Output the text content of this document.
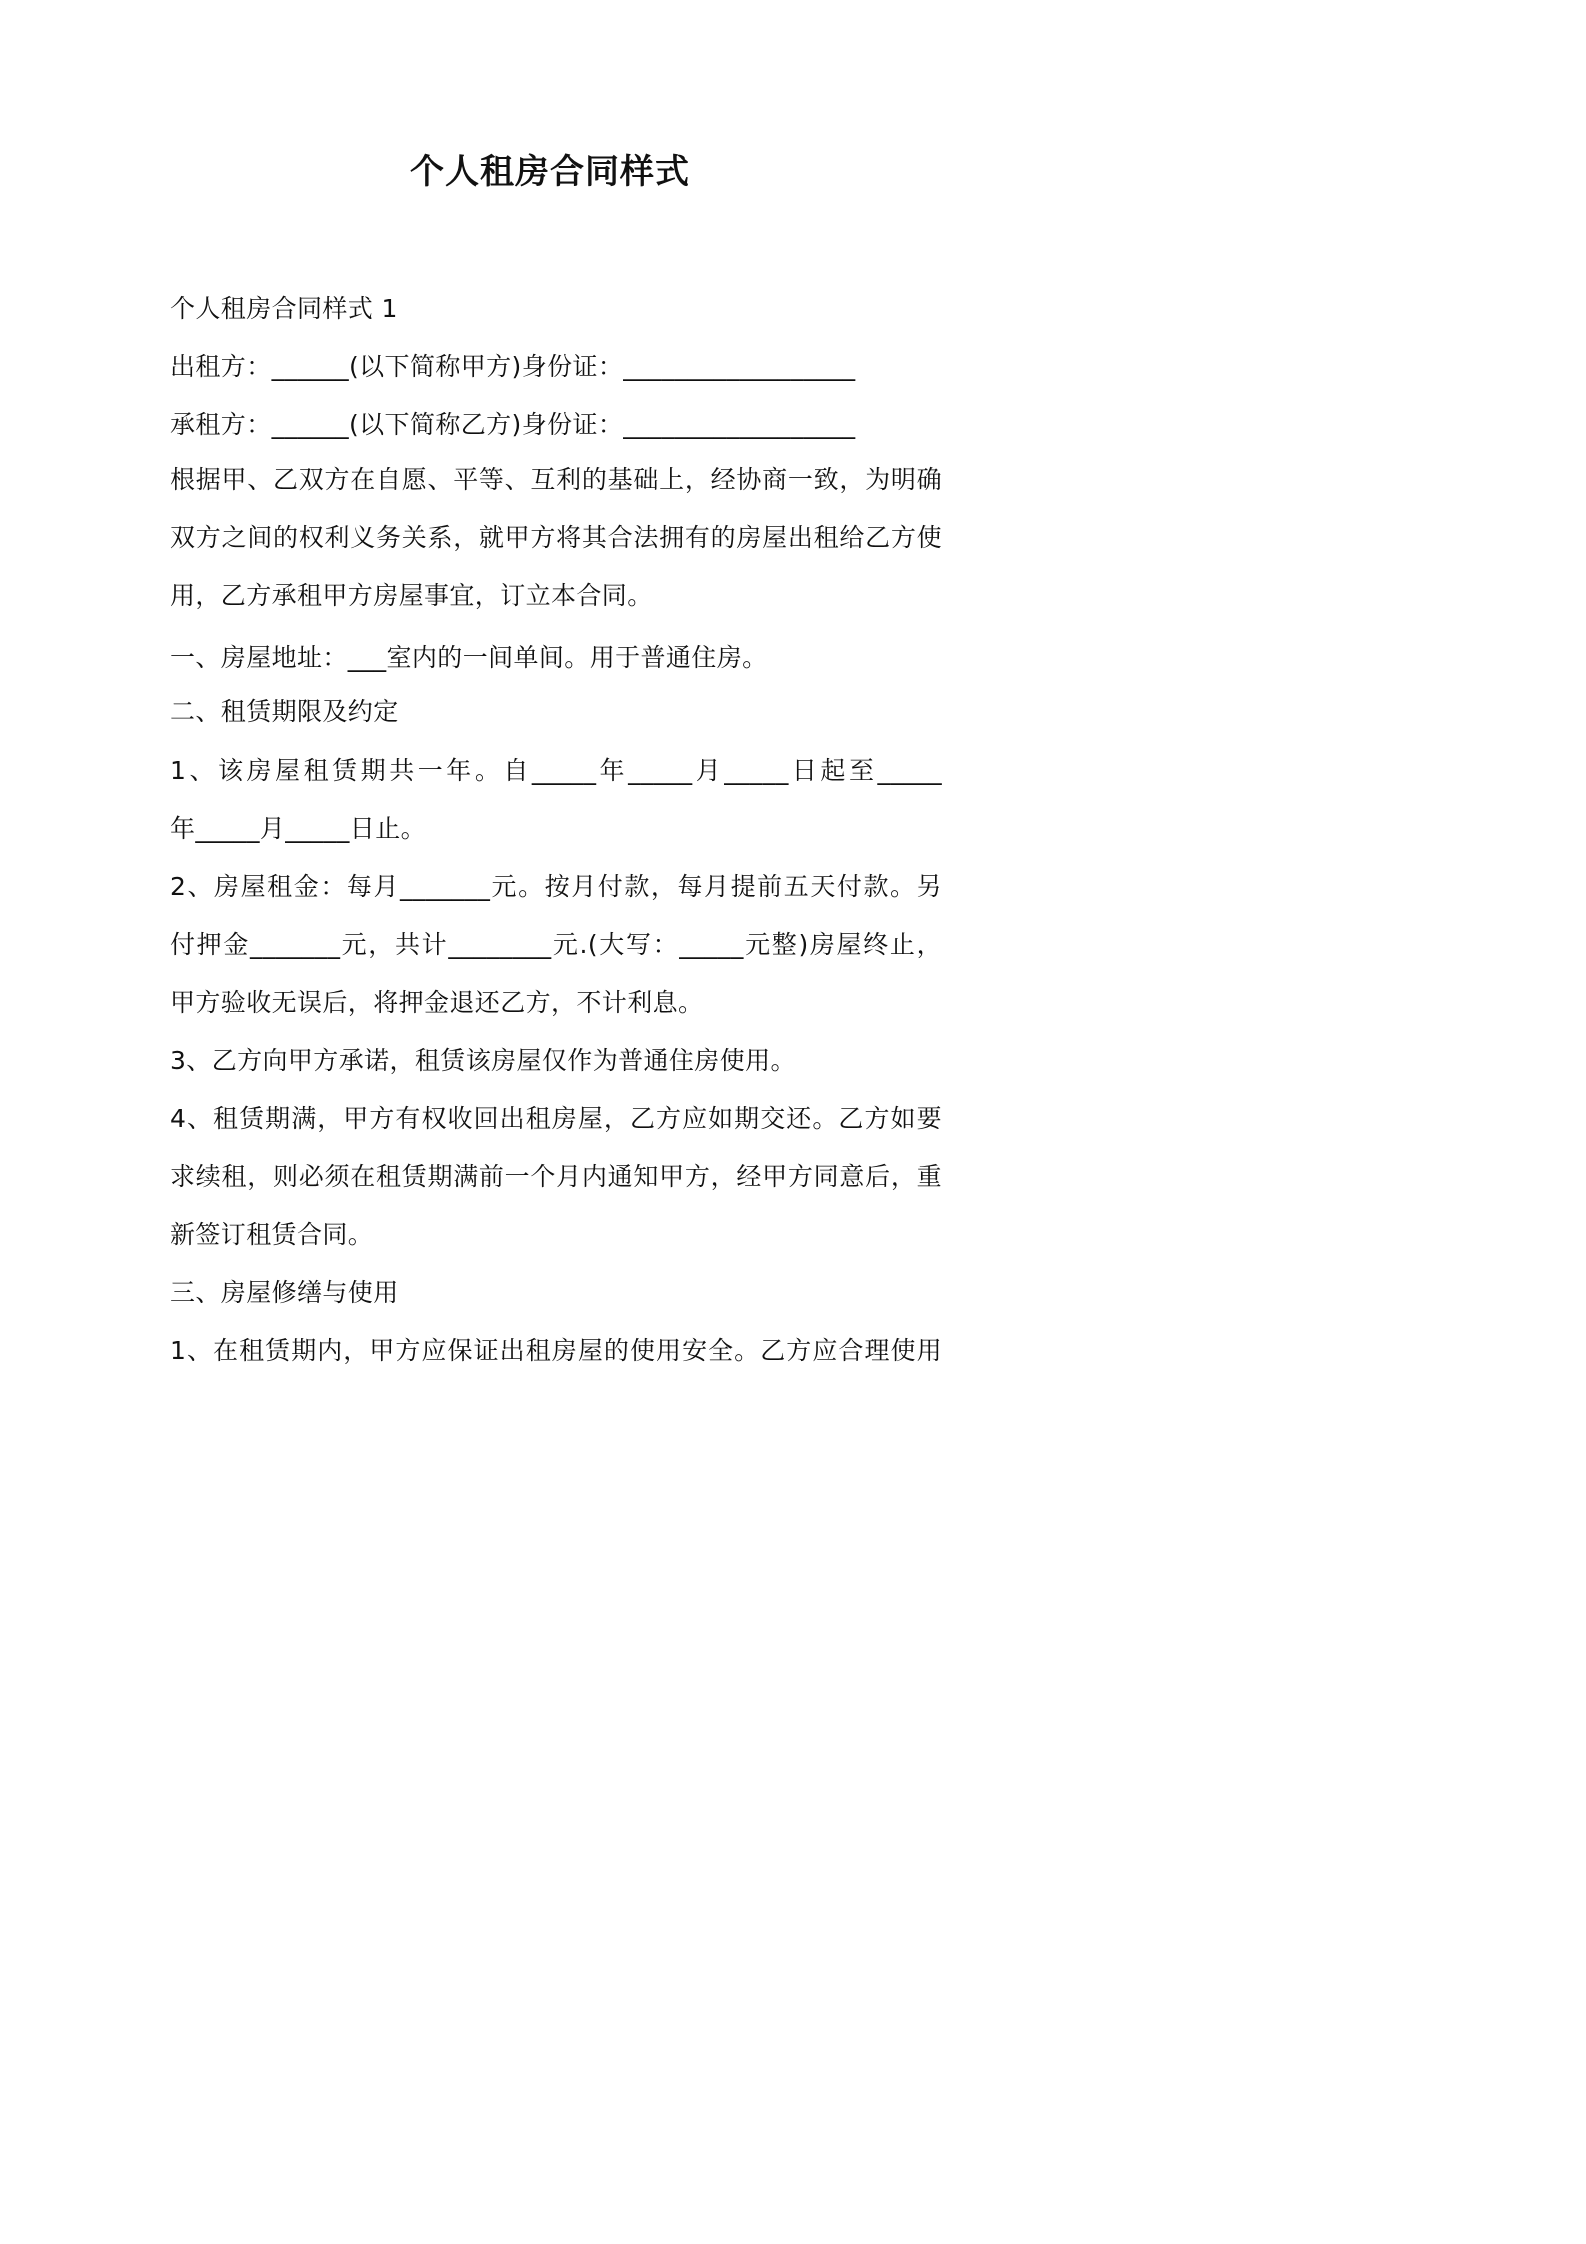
个人租房合同样式
个人租房合同样式 1
出租方：______(以下简称甲方)身份证：__________________
承租方：______(以下简称乙方)身份证：__________________
根据甲、乙双方在自愿、平等、互利的基础上，经协商一致，为明确
双方之间的权利义务关系，就甲方将其合法拥有的房屋出租给乙方使
用，乙方承租甲方房屋事宜，订立本合同。
一、房屋地址：___室内的一间单间。用于普通住房。
二、租赁期限及约定
1、该房屋租赁期共一年。自_____年_____月_____日起至_____
年_____月_____日止。
2、房屋租金：每月_______元。按月付款，每月提前五天付款。另
付押金_______元，共计________元.(大写：_____元整)房屋终止，
甲方验收无误后，将押金退还乙方，不计利息。
3、乙方向甲方承诺，租赁该房屋仅作为普通住房使用。
4、租赁期满，甲方有权收回出租房屋，乙方应如期交还。乙方如要
求续租，则必须在租赁期满前一个月内通知甲方，经甲方同意后，重
新签订租赁合同。
三、房屋修缮与使用
1、在租赁期内，甲方应保证出租房屋的使用安全。乙方应合理使用
